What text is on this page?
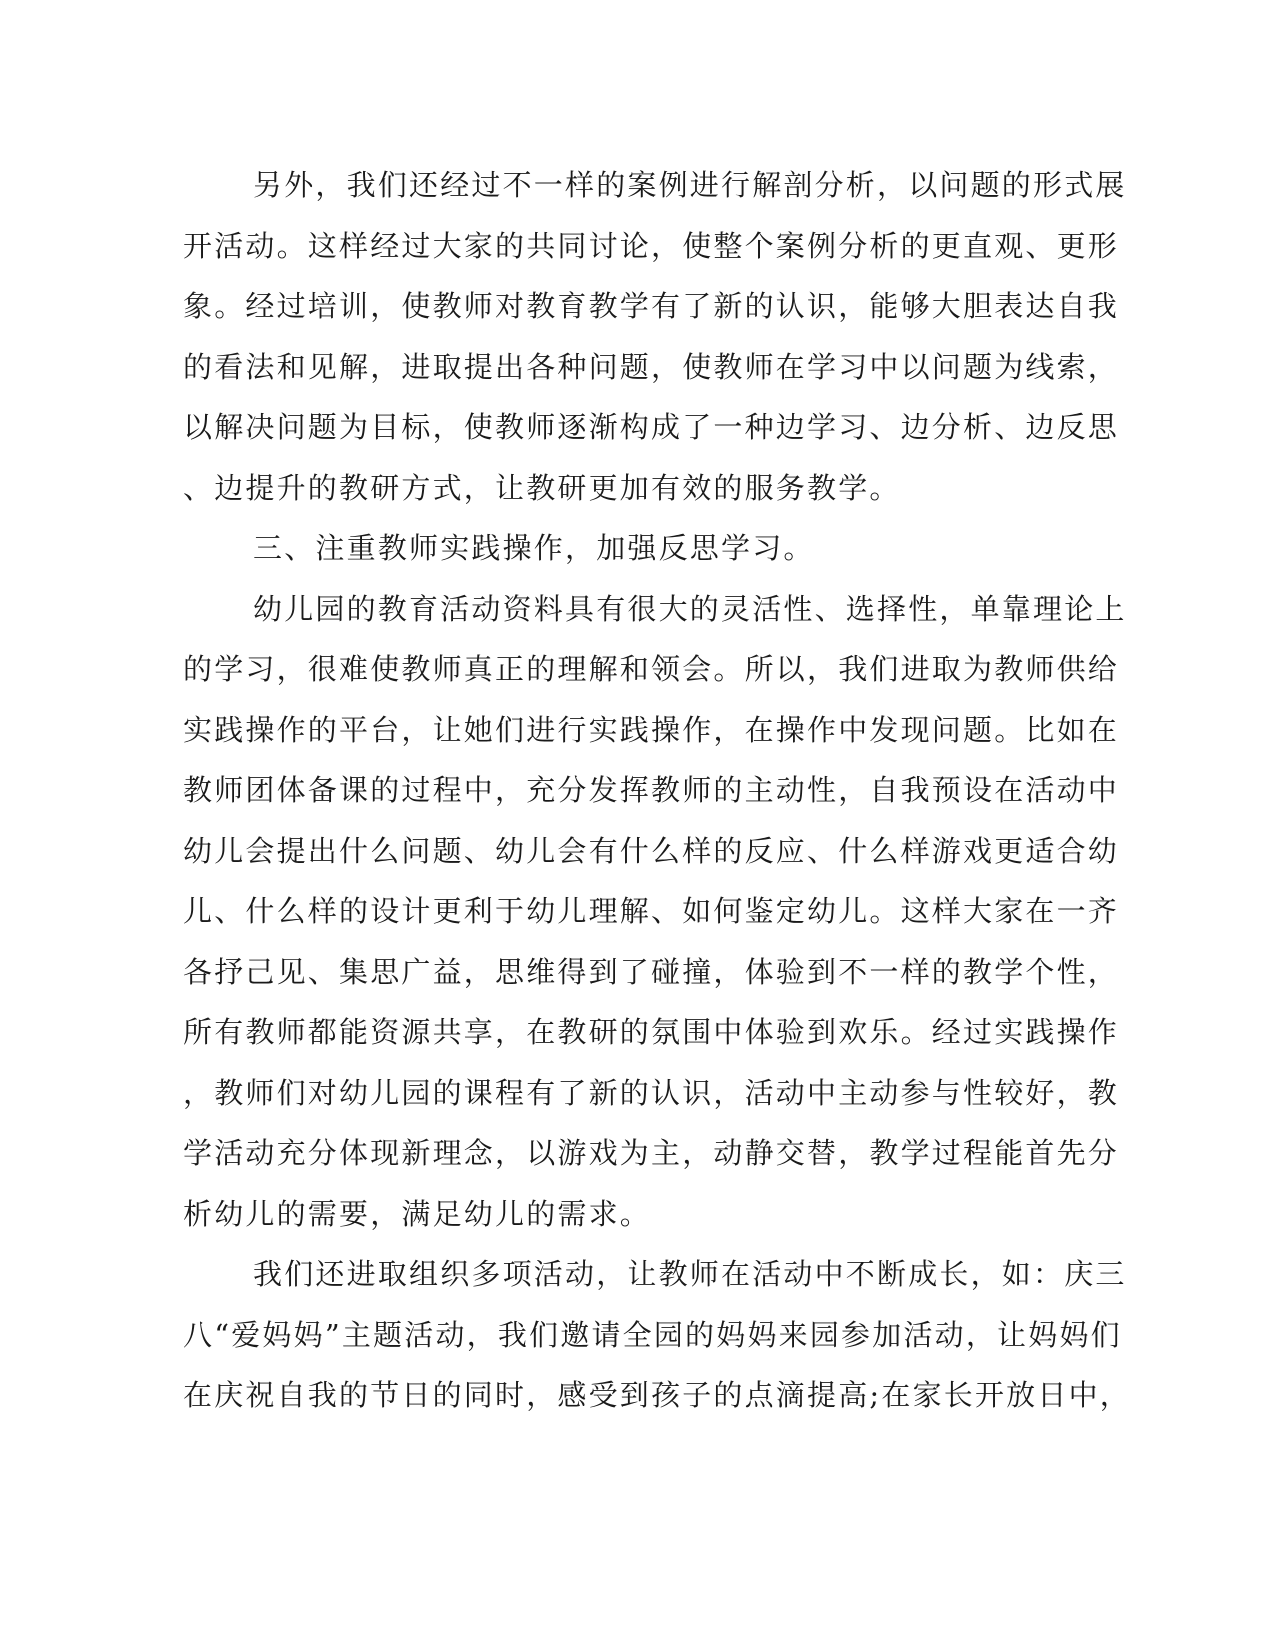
另外，我们还经过不一样的案例进行解剖分析，以问题的形式展
开活动。这样经过大家的共同讨论，使整个案例分析的更直观、更形
象。经过培训，使教师对教育教学有了新的认识，能够大胆表达自我
的看法和见解，进取提出各种问题，使教师在学习中以问题为线索，
以解决问题为目标，使教师逐渐构成了一种边学习、边分析、边反思
、边提升的教研方式，让教研更加有效的服务教学。
三、注重教师实践操作，加强反思学习。
幼儿园的教育活动资料具有很大的灵活性、选择性，单靠理论上
的学习，很难使教师真正的理解和领会。所以，我们进取为教师供给
实践操作的平台，让她们进行实践操作，在操作中发现问题。比如在
教师团体备课的过程中，充分发挥教师的主动性，自我预设在活动中
幼儿会提出什么问题、幼儿会有什么样的反应、什么样游戏更适合幼
儿、什么样的设计更利于幼儿理解、如何鉴定幼儿。这样大家在一齐
各抒己见、集思广益，思维得到了碰撞，体验到不一样的教学个性，
所有教师都能资源共享，在教研的氛围中体验到欢乐。经过实践操作
，教师们对幼儿园的课程有了新的认识，活动中主动参与性较好，教
学活动充分体现新理念，以游戏为主，动静交替，教学过程能首先分
析幼儿的需要，满足幼儿的需求。
我们还进取组织多项活动，让教师在活动中不断成长，如：庆三
八“爱妈妈”主题活动，我们邀请全园的妈妈来园参加活动，让妈妈们
在庆祝自我的节日的同时，感受到孩子的点滴提高;在家长开放日中，
